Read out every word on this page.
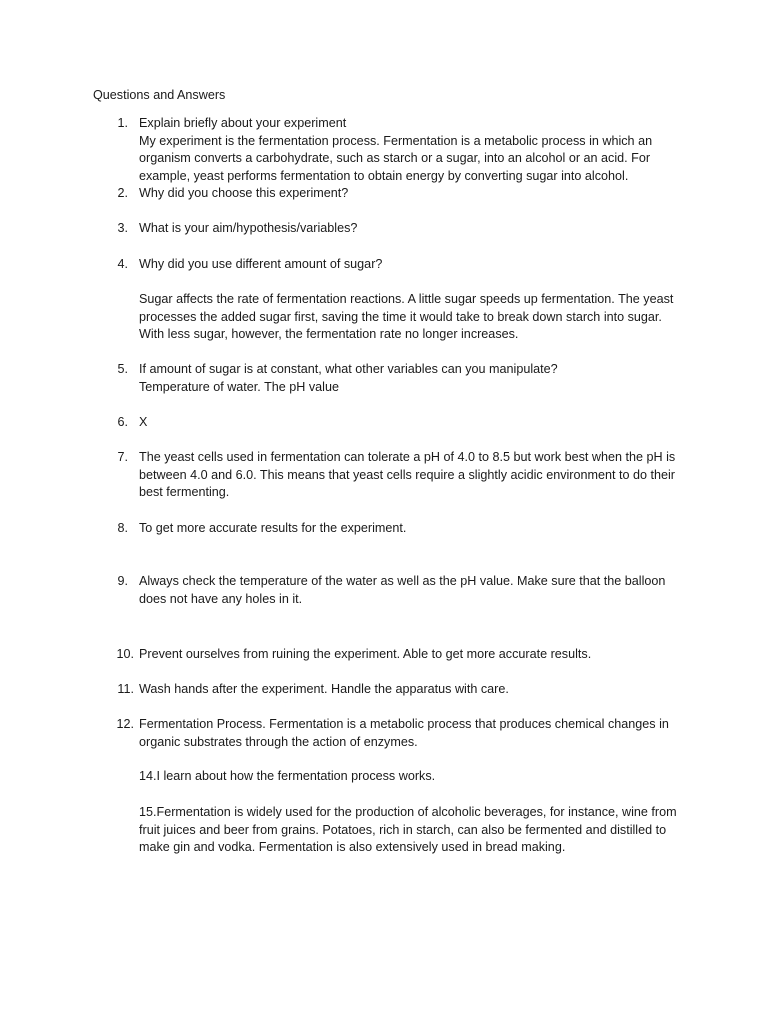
Questions and Answers
1. Explain briefly about your experiment

My experiment is the fermentation process. Fermentation is a metabolic process in which an organism converts a carbohydrate, such as starch or a sugar, into an alcohol or an acid. For example, yeast performs fermentation to obtain energy by converting sugar into alcohol.

2. Why did you choose this experiment?

3. What is your aim/hypothesis/variables?

4. Why did you use different amount of sugar?

Sugar affects the rate of fermentation reactions. A little sugar speeds up fermentation. The yeast processes the added sugar first, saving the time it would take to break down starch into sugar. With less sugar, however, the fermentation rate no longer increases.

5. If amount of sugar is at constant, what other variables can you manipulate?

Temperature of water. The pH value

6. X

7. The yeast cells used in fermentation can tolerate a pH of 4.0 to 8.5 but work best when the pH is between 4.0 and 6.0. This means that yeast cells require a slightly acidic environment to do their best fermenting.

8. To get more accurate results for the experiment.

9. Always check the temperature of the water as well as the pH value. Make sure that the balloon does not have any holes in it.

10. Prevent ourselves from ruining the experiment. Able to get more accurate results.

11. Wash hands after the experiment. Handle the apparatus with care.

12. Fermentation Process. Fermentation is a metabolic process that produces chemical changes in organic substrates through the action of enzymes.

14.I learn about how the fermentation process works.
15.Fermentation is widely used for the production of alcoholic beverages, for instance, wine from fruit juices and beer from grains. Potatoes, rich in starch, can also be fermented and distilled to make gin and vodka. Fermentation is also extensively used in bread making.
